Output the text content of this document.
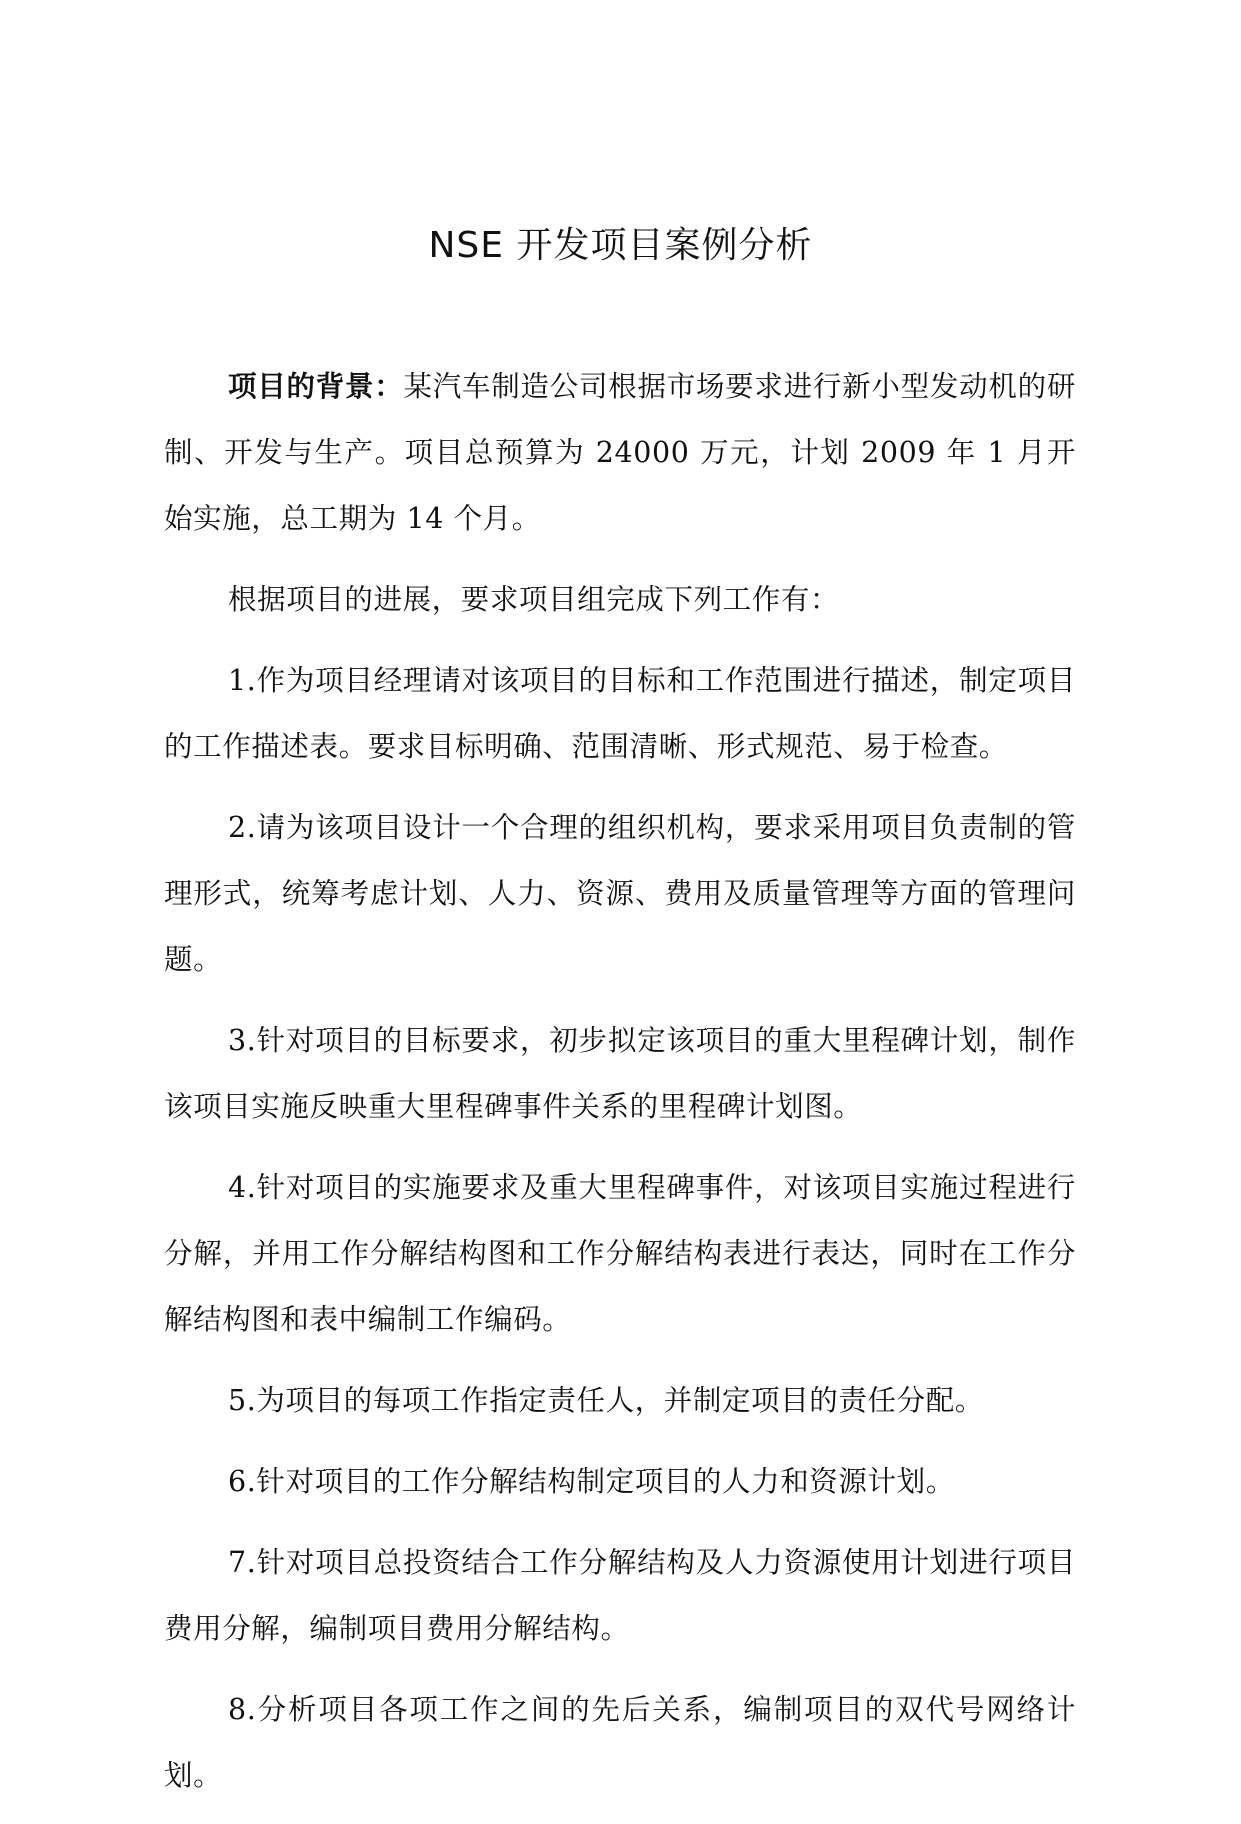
NSE 开发项目案例分析

项目的背景：某汽车制造公司根据市场要求进行新小型发动机的研制、开发与生产。项目总预算为 24000 万元，计划 2009 年 1 月开始实施，总工期为 14 个月。

根据项目的进展，要求项目组完成下列工作有：

1.作为项目经理请对该项目的目标和工作范围进行描述，制定项目的工作描述表。要求目标明确、范围清晰、形式规范、易于检查。

2.请为该项目设计一个合理的组织机构，要求采用项目负责制的管理形式，统筹考虑计划、人力、资源、费用及质量管理等方面的管理问题。

3.针对项目的目标要求，初步拟定该项目的重大里程碑计划，制作该项目实施反映重大里程碑事件关系的里程碑计划图。

4.针对项目的实施要求及重大里程碑事件，对该项目实施过程进行分解，并用工作分解结构图和工作分解结构表进行表达，同时在工作分解结构图和表中编制工作编码。

5.为项目的每项工作指定责任人，并制定项目的责任分配。

6.针对项目的工作分解结构制定项目的人力和资源计划。

7.针对项目总投资结合工作分解结构及人力资源使用计划进行项目费用分解，编制项目费用分解结构。

8.分析项目各项工作之间的先后关系，编制项目的双代号网络计划。
